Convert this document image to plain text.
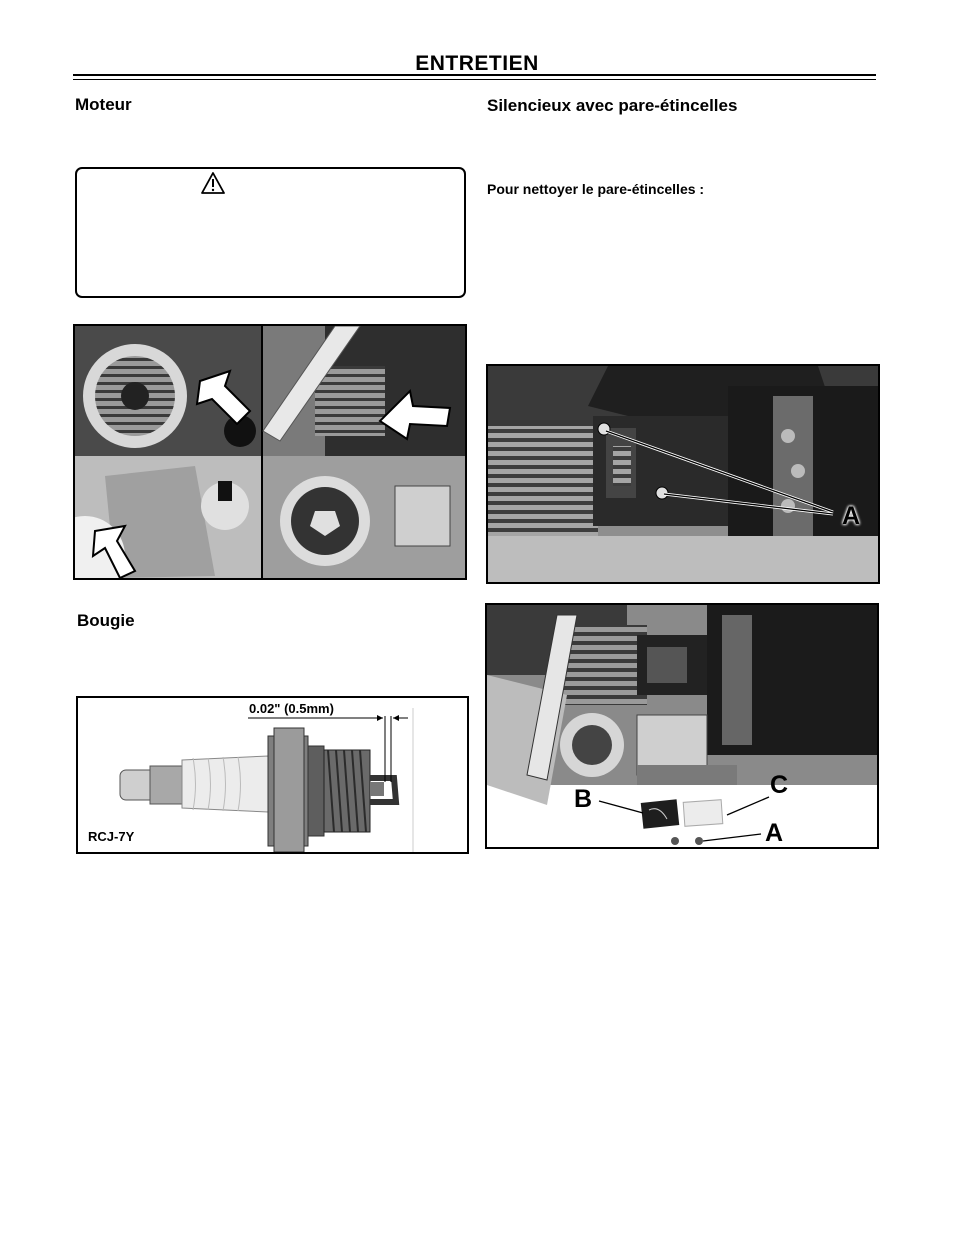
ENTRETIEN
Moteur
Bougie
0.02" (0.5mm)
RCJ-7Y
Silencieux avec pare-étincelles
Pour nettoyer le pare-étincelles :
A
B	C
A
